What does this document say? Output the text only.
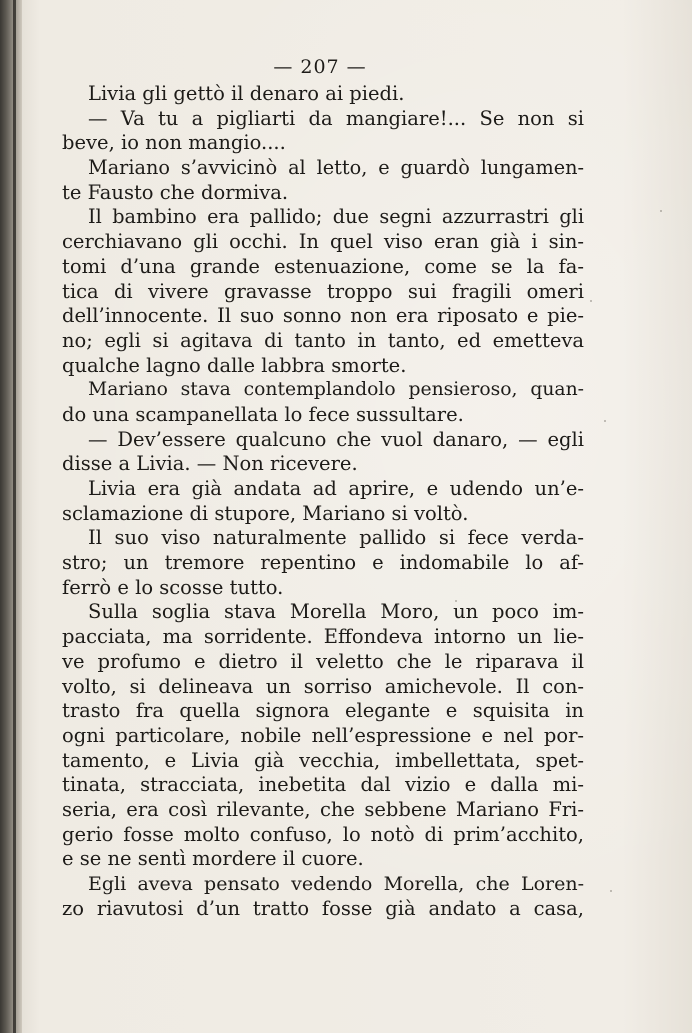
— 207 —
Livia gli gettò il denaro ai piedi.
— Va tu a pigliarti da mangiare!... Se non si
beve, io non mangio....
Mariano s’avvicinò al letto, e guardò lungamen-
te Fausto che dormiva.
Il bambino era pallido; due segni azzurrastri gli
cerchiavano gli occhi. In quel viso eran già i sin-
tomi d’una grande estenuazione, come se la fa-
tica di vivere gravasse troppo sui fragili omeri
dell’innocente. Il suo sonno non era riposato e pie-
no; egli si agitava di tanto in tanto, ed emetteva
qualche lagno dalle labbra smorte.
Mariano stava contemplandolo pensieroso, quan-
do una scampanellata lo fece sussultare.
— Dev’essere qualcuno che vuol danaro, — egli
disse a Livia. — Non ricevere.
Livia era già andata ad aprire, e udendo un’e-
sclamazione di stupore, Mariano si voltò.
Il suo viso naturalmente pallido si fece verda-
stro; un tremore repentino e indomabile lo af-
ferrò e lo scosse tutto.
Sulla soglia stava Morella Moro, un poco im-
pacciata, ma sorridente. Effondeva intorno un lie-
ve profumo e dietro il veletto che le riparava il
volto, si delineava un sorriso amichevole. Il con-
trasto fra quella signora elegante e squisita in
ogni particolare, nobile nell’espressione e nel por-
tamento, e Livia già vecchia, imbellettata, spet-
tinata, stracciata, inebetita dal vizio e dalla mi-
seria, era così rilevante, che sebbene Mariano Fri-
gerio fosse molto confuso, lo notò di prim’acchito,
e se ne sentì mordere il cuore.
Egli aveva pensato vedendo Morella, che Loren-
zo riavutosi d’un tratto fosse già andato a casa,
